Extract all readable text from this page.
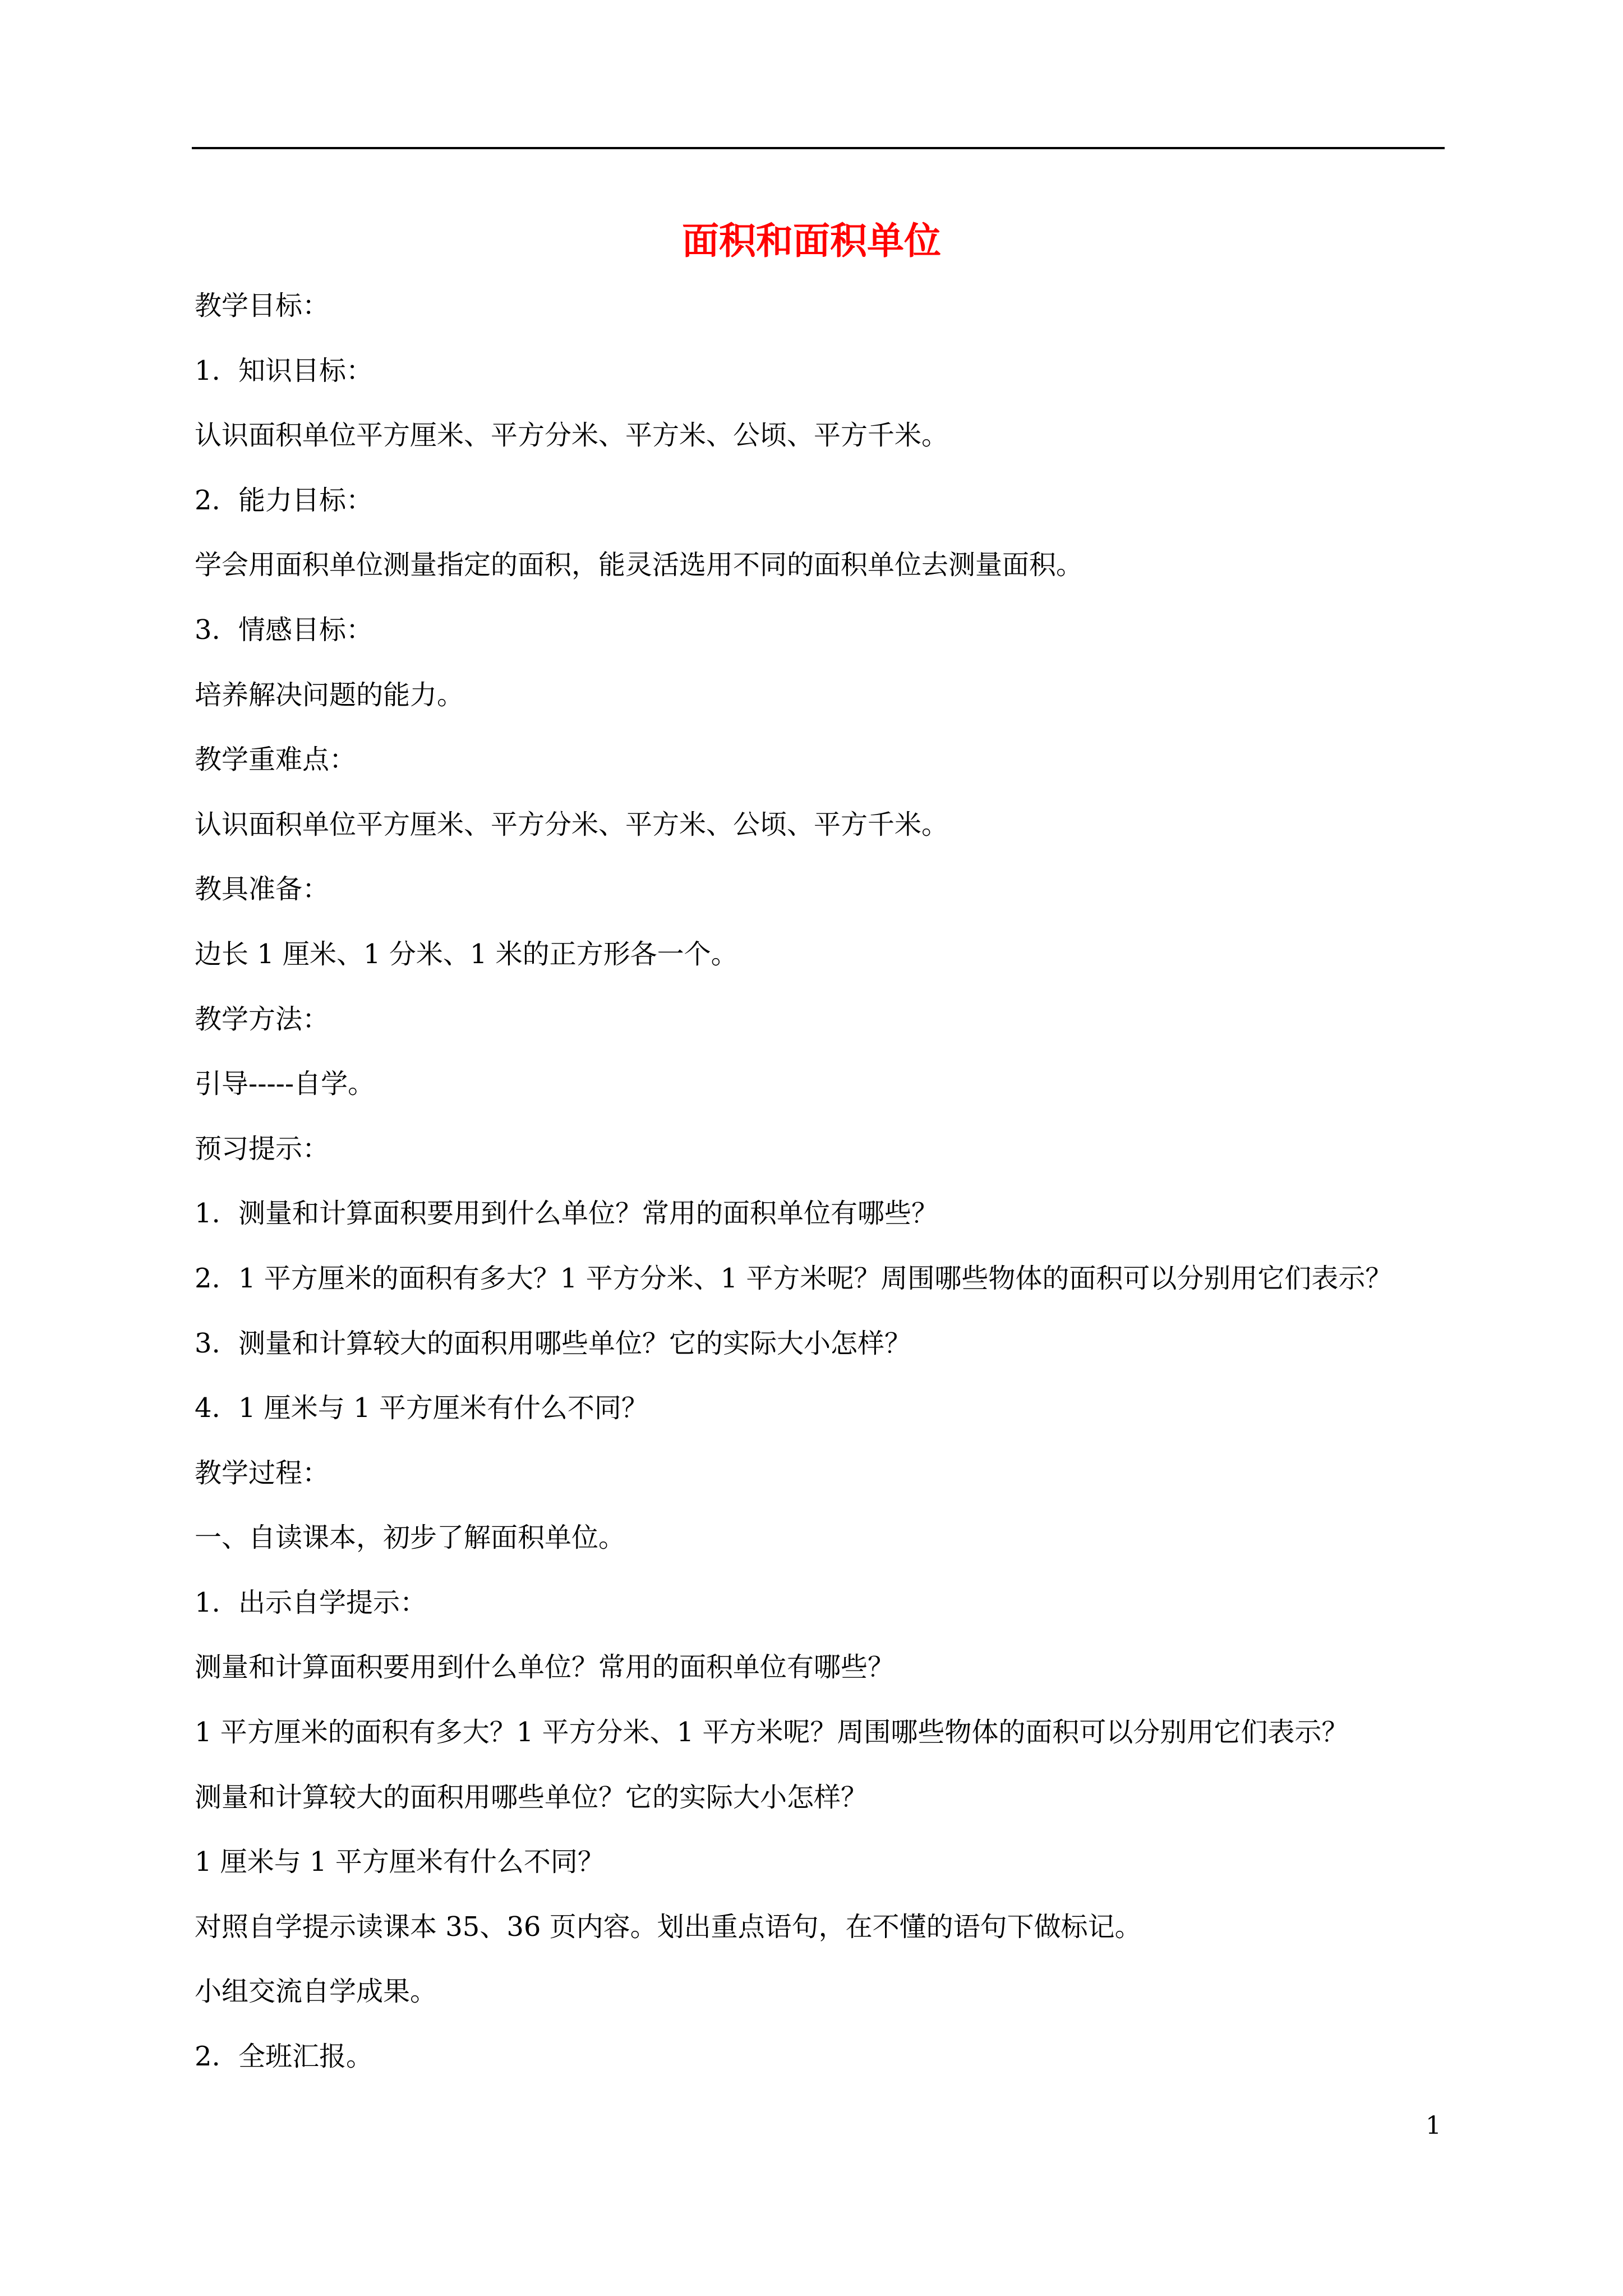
面积和面积单位
教学目标：
1. 知识目标：
认识面积单位平方厘米、平方分米、平方米、公顷、平方千米。
2. 能力目标：
学会用面积单位测量指定的面积，能灵活选用不同的面积单位去测量面积。
3. 情感目标：
培养解决问题的能力。
教学重难点：
认识面积单位平方厘米、平方分米、平方米、公顷、平方千米。
教具准备：
边长 1 厘米、1 分米、1 米的正方形各一个。
教学方法：
引导-----自学。
预习提示：
1. 测量和计算面积要用到什么单位？常用的面积单位有哪些？
2. 1 平方厘米的面积有多大？1 平方分米、1 平方米呢？周围哪些物体的面积可以分别用它们表示？
3. 测量和计算较大的面积用哪些单位？它的实际大小怎样？
4. 1 厘米与 1 平方厘米有什么不同？
教学过程：
一、自读课本，初步了解面积单位。
1. 出示自学提示：
测量和计算面积要用到什么单位？常用的面积单位有哪些？
1 平方厘米的面积有多大？1 平方分米、1 平方米呢？周围哪些物体的面积可以分别用它们表示？
测量和计算较大的面积用哪些单位？它的实际大小怎样？
1 厘米与 1 平方厘米有什么不同？
对照自学提示读课本 35、36 页内容。划出重点语句，在不懂的语句下做标记。
小组交流自学成果。
2. 全班汇报。
1
